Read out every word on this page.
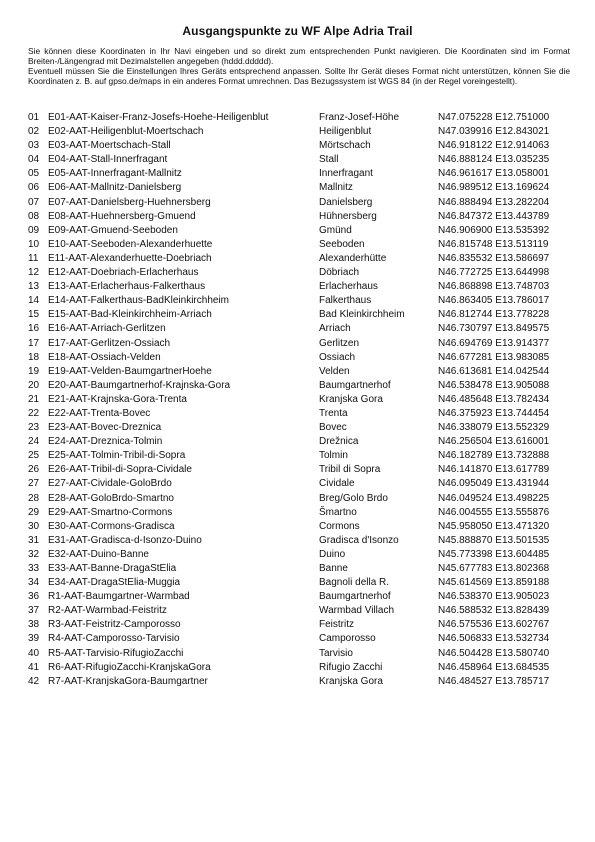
Ausgangspunkte zu WF Alpe Adria Trail

Sie können diese Koordinaten in Ihr Navi eingeben und so direkt zum entsprechenden Punkt navigieren. Die Koordinaten sind im Format Breiten-/Längengrad mit Dezimalstellen angegeben (hddd.ddddd).

Eventuell müssen Sie die Einstellungen Ihres Geräts entsprechend anpassen. Sollte Ihr Gerät dieses Format nicht unterstützen, können Sie die Koordinaten z. B. auf gpso.de/maps in ein anderes Format umrechnen. Das Bezugssystem ist WGS 84 (in der Regel voreingestellt).

01	E01-AAT-Kaiser-Franz-Josefs-Hoehe-Heiligenblut	Franz-Josef-Höhe	N47.075228 E12.751000
02	E02-AAT-Heiligenblut-Moertschach	Heiligenblut	N47.039916 E12.843021
03	E03-AAT-Moertschach-Stall	Mörtschach	N46.918122 E12.914063
04	E04-AAT-Stall-Innerfragant	Stall	N46.888124 E13.035235
05	E05-AAT-Innerfragant-Mallnitz	Innerfragant	N46.961617 E13.058001
06	E06-AAT-Mallnitz-Danielsberg	Mallnitz	N46.989512 E13.169624
07	E07-AAT-Danielsberg-Huehnersberg	Danielsberg	N46.888494 E13.282204
08	E08-AAT-Huehnersberg-Gmuend	Hühnersberg	N46.847372 E13.443789
09	E09-AAT-Gmuend-Seeboden	Gmünd	N46.906900 E13.535392
10	E10-AAT-Seeboden-Alexanderhuette	Seeboden	N46.815748 E13.513119
11	E11-AAT-Alexanderhuette-Doebriach	Alexanderhütte	N46.835532 E13.586697
12	E12-AAT-Doebriach-Erlacherhaus	Döbriach	N46.772725 E13.644998
13	E13-AAT-Erlacherhaus-Falkerthaus	Erlacherhaus	N46.868898 E13.748703
14	E14-AAT-Falkerthaus-BadKleinkirchheim	Falkerthaus	N46.863405 E13.786017
15	E15-AAT-Bad-Kleinkirchheim-Arriach	Bad Kleinkirchheim	N46.812744 E13.778228
16	E16-AAT-Arriach-Gerlitzen	Arriach	N46.730797 E13.849575
17	E17-AAT-Gerlitzen-Ossiach	Gerlitzen	N46.694769 E13.914377
18	E18-AAT-Ossiach-Velden	Ossiach	N46.677281 E13.983085
19	E19-AAT-Velden-BaumgartnerHoehe	Velden	N46.613681 E14.042544
20	E20-AAT-Baumgartnerhof-Krajnska-Gora	Baumgartnerhof	N46.538478 E13.905088
21	E21-AAT-Krajnska-Gora-Trenta	Kranjska Gora	N46.485648 E13.782434
22	E22-AAT-Trenta-Bovec	Trenta	N46.375923 E13.744454
23	E23-AAT-Bovec-Dreznica	Bovec	N46.338079 E13.552329
24	E24-AAT-Dreznica-Tolmin	Drežnica	N46.256504 E13.616001
25	E25-AAT-Tolmin-Tribil-di-Sopra	Tolmin	N46.182789 E13.732888
26	E26-AAT-Tribil-di-Sopra-Cividale	Tribil di Sopra	N46.141870 E13.617789
27	E27-AAT-Cividale-GoloBrdo	Cividale	N46.095049 E13.431944
28	E28-AAT-GoloBrdo-Smartno	Breg/Golo Brdo	N46.049524 E13.498225
29	E29-AAT-Smartno-Cormons	Šmartno	N46.004555 E13.555876
30	E30-AAT-Cormons-Gradisca	Cormons	N45.958050 E13.471320
31	E31-AAT-Gradisca-d-Isonzo-Duino	Gradisca d'Isonzo	N45.888870 E13.501535
32	E32-AAT-Duino-Banne	Duino	N45.773398 E13.604485
33	E33-AAT-Banne-DragaStElia	Banne	N45.677783 E13.802368
34	E34-AAT-DragaStElia-Muggia	Bagnoli della R.	N45.614569 E13.859188
36	R1-AAT-Baumgartner-Warmbad	Baumgartnerhof	N46.538370 E13.905023
37	R2-AAT-Warmbad-Feistritz	Warmbad Villach	N46.588532 E13.828439
38	R3-AAT-Feistritz-Camporosso	Feistritz	N46.575536 E13.602767
39	R4-AAT-Camporosso-Tarvisio	Camporosso	N46.506833 E13.532734
40	R5-AAT-Tarvisio-RifugioZacchi	Tarvisio	N46.504428 E13.580740
41	R6-AAT-RifugioZacchi-KranjskaGora	Rifugio Zacchi	N46.458964 E13.684535
42	R7-AAT-KranjskaGora-Baumgartner	Kranjska Gora	N46.484527 E13.785717
